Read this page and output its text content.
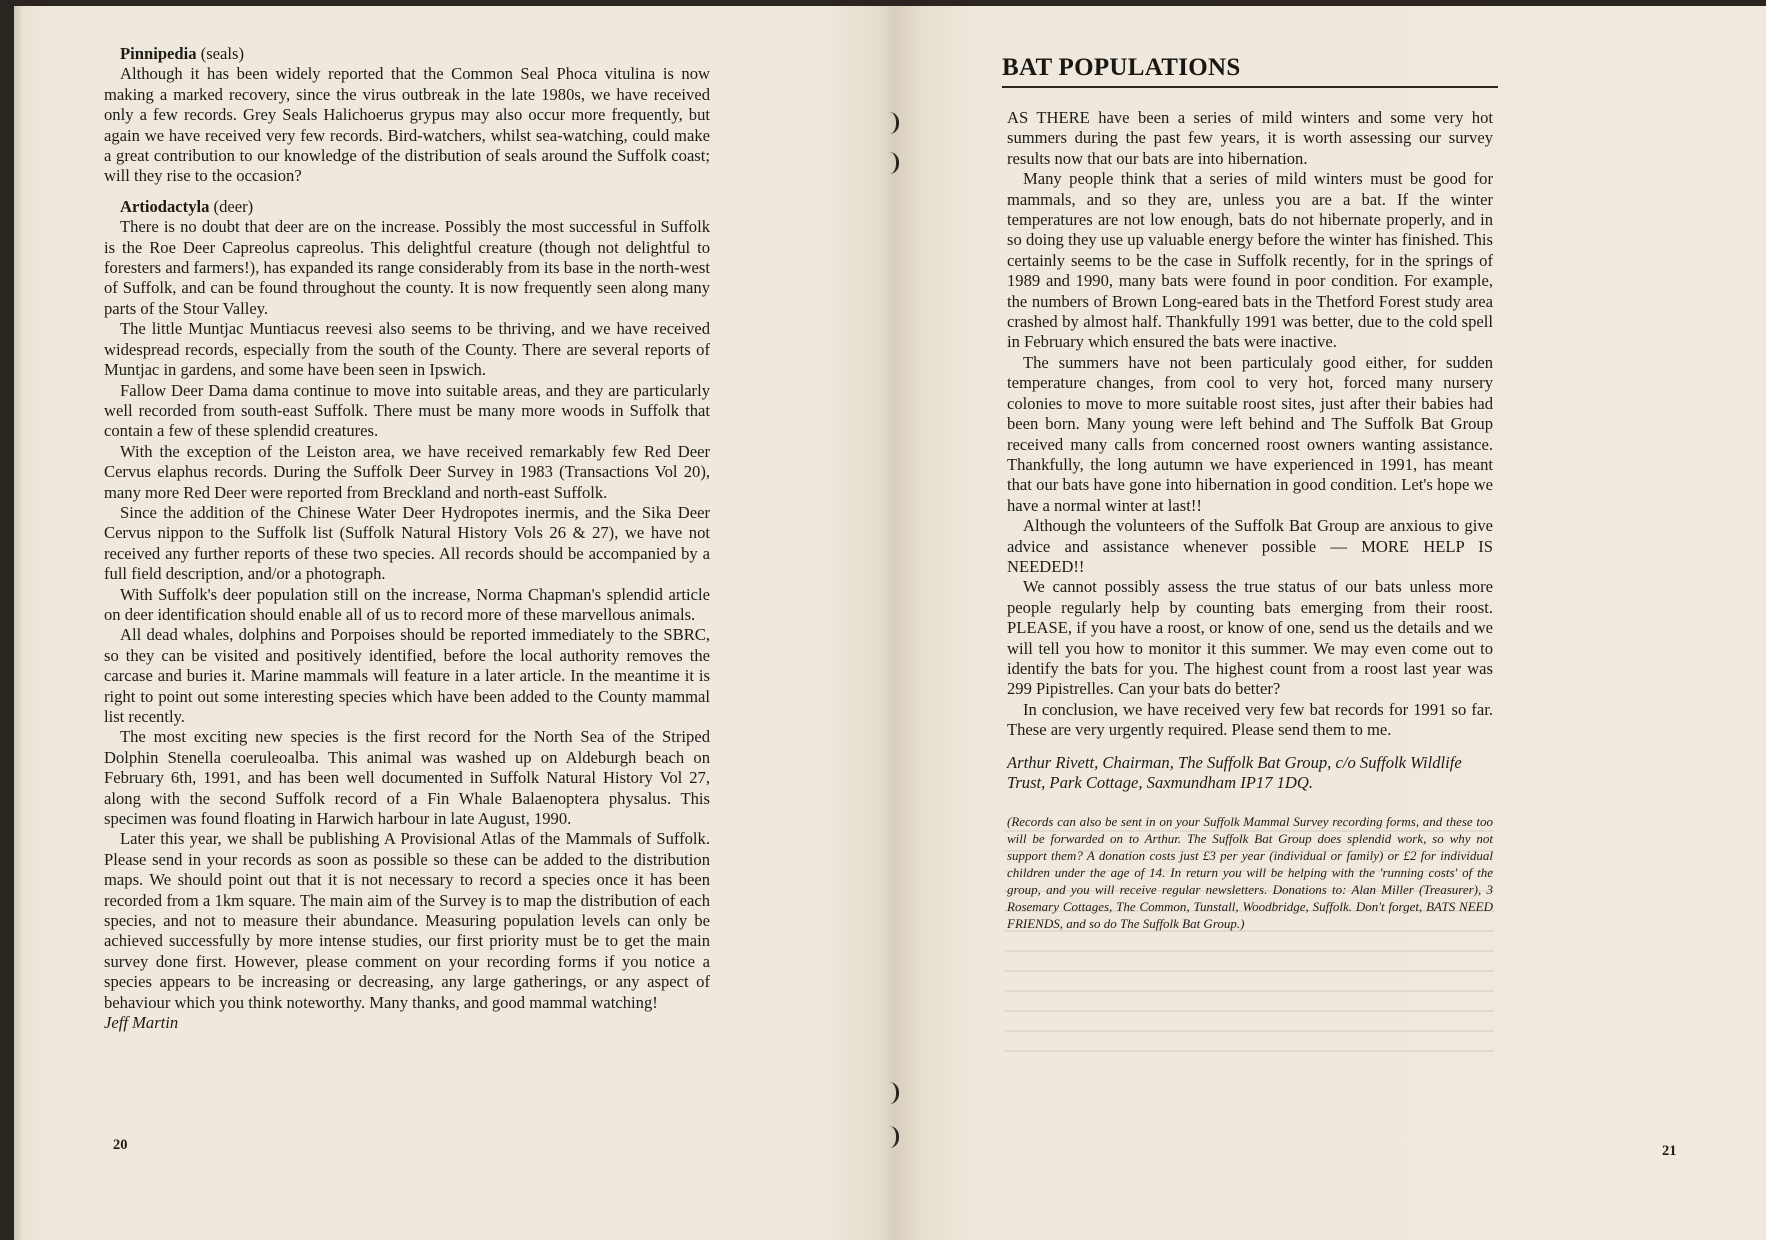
Pinnipedia (seals)

Although it has been widely reported that the Common Seal Phoca vitulina is now making a marked recovery, since the virus outbreak in the late 1980s, we have received only a few records. Grey Seals Halichoerus grypus may also occur more frequently, but again we have received very few records. Bird-watchers, whilst sea-watching, could make a great contribution to our knowledge of the distribution of seals around the Suffolk coast; will they rise to the occasion?

Artiodactyla (deer)

There is no doubt that deer are on the increase. Possibly the most successful in Suffolk is the Roe Deer Capreolus capreolus. This delightful creature (though not delightful to foresters and farmers!), has expanded its range considerably from its base in the north-west of Suffolk, and can be found throughout the county. It is now frequently seen along many parts of the Stour Valley.

The little Muntjac Muntiacus reevesi also seems to be thriving, and we have received widespread records, especially from the south of the County. There are several reports of Muntjac in gardens, and some have been seen in Ipswich.

Fallow Deer Dama dama continue to move into suitable areas, and they are particularly well recorded from south-east Suffolk. There must be many more woods in Suffolk that contain a few of these splendid creatures.

With the exception of the Leiston area, we have received remarkably few Red Deer Cervus elaphus records. During the Suffolk Deer Survey in 1983 (Transactions Vol 20), many more Red Deer were reported from Breckland and north-east Suffolk.

Since the addition of the Chinese Water Deer Hydropotes inermis, and the Sika Deer Cervus nippon to the Suffolk list (Suffolk Natural History Vols 26 & 27), we have not received any further reports of these two species. All records should be accompanied by a full field description, and/or a photograph.

With Suffolk's deer population still on the increase, Norma Chapman's splendid article on deer identification should enable all of us to record more of these marvellous animals.

All dead whales, dolphins and Porpoises should be reported immediately to the SBRC, so they can be visited and positively identified, before the local authority removes the carcase and buries it. Marine mammals will feature in a later article. In the meantime it is right to point out some interesting species which have been added to the County mammal list recently.

The most exciting new species is the first record for the North Sea of the Striped Dolphin Stenella coeruleoalba. This animal was washed up on Aldeburgh beach on February 6th, 1991, and has been well documented in Suffolk Natural History Vol 27, along with the second Suffolk record of a Fin Whale Balaenoptera physalus. This specimen was found floating in Harwich harbour in late August, 1990.

Later this year, we shall be publishing A Provisional Atlas of the Mammals of Suffolk. Please send in your records as soon as possible so these can be added to the distribution maps. We should point out that it is not necessary to record a species once it has been recorded from a 1km square. The main aim of the Survey is to map the distribution of each species, and not to measure their abundance. Measuring population levels can only be achieved successfully by more intense studies, our first priority must be to get the main survey done first. However, please comment on your recording forms if you notice a species appears to be increasing or decreasing, any large gatherings, or any aspect of behaviour which you think noteworthy. Many thanks, and good mammal watching!

Jeff Martin

20
BAT POPULATIONS

AS THERE have been a series of mild winters and some very hot summers during the past few years, it is worth assessing our survey results now that our bats are into hibernation.

Many people think that a series of mild winters must be good for mammals, and so they are, unless you are a bat. If the winter temperatures are not low enough, bats do not hibernate properly, and in so doing they use up valuable energy before the winter has finished. This certainly seems to be the case in Suffolk recently, for in the springs of 1989 and 1990, many bats were found in poor condition. For example, the numbers of Brown Long-eared bats in the Thetford Forest study area crashed by almost half. Thankfully 1991 was better, due to the cold spell in February which ensured the bats were inactive.

The summers have not been particulaly good either, for sudden temperature changes, from cool to very hot, forced many nursery colonies to move to more suitable roost sites, just after their babies had been born. Many young were left behind and The Suffolk Bat Group received many calls from concerned roost owners wanting assistance. Thankfully, the long autumn we have experienced in 1991, has meant that our bats have gone into hibernation in good condition. Let's hope we have a normal winter at last!!

Although the volunteers of the Suffolk Bat Group are anxious to give advice and assistance whenever possible — MORE HELP IS NEEDED!!

We cannot possibly assess the true status of our bats unless more people regularly help by counting bats emerging from their roost. PLEASE, if you have a roost, or know of one, send us the details and we will tell you how to monitor it this summer. We may even come out to identify the bats for you. The highest count from a roost last year was 299 Pipistrelles. Can your bats do better?

In conclusion, we have received very few bat records for 1991 so far. These are very urgently required. Please send them to me.

Arthur Rivett, Chairman, The Suffolk Bat Group, c/o Suffolk Wildlife Trust, Park Cottage, Saxmundham IP17 1DQ.
(Records can also be sent in on your Suffolk Mammal Survey recording forms, and these too will be forwarded on to Arthur. The Suffolk Bat Group does splendid work, so why not support them? A donation costs just £3 per year (individual or family) or £2 for individual children under the age of 14. In return you will be helping with the 'running costs' of the group, and you will receive regular newsletters. Donations to: Alan Miller (Treasurer), 3 Rosemary Cottages, The Common, Tunstall, Woodbridge, Suffolk. Don't forget, BATS NEED FRIENDS, and so do The Suffolk Bat Group.)
21
